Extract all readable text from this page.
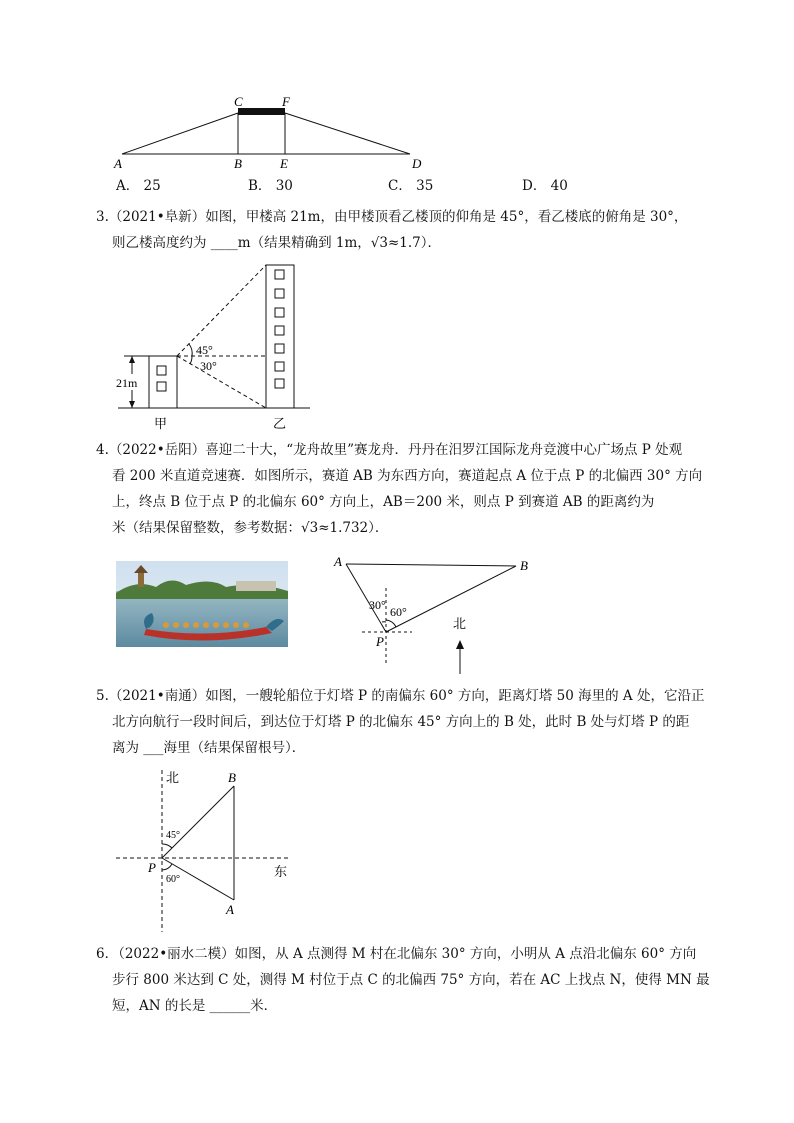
A	B	E	D
C	F
A． 25	B． 30	C． 35	D． 40
3.（2021•阜新）如图，甲楼高 21m，由甲楼顶看乙楼顶的仰角是 45°，看乙楼底的俯角是 30°，
则乙楼高度约为 ____m（结果精确到 1m，√3≈1.7）．
21m
45°
30°
甲	乙
4.（2022•岳阳）喜迎二十大，“龙舟故里”赛龙舟．丹丹在汨罗江国际龙舟竞渡中心广场点 P 处观
看 200 米直道竞速赛．如图所示，赛道 AB 为东西方向，赛道起点 A 位于点 P 的北偏西 30° 方向
上，终点 B 位于点 P 的北偏东 60° 方向上，AB＝200 米，则点 P 到赛道 AB 的距离约为
米（结果保留整数，参考数据：√3≈1.732）．
A	B
P
30° 60°
北
5.（2021•南通）如图，一艘轮船位于灯塔 P 的南偏东 60° 方向，距离灯塔 50 海里的 A 处，它沿正
北方向航行一段时间后，到达位于灯塔 P 的北偏东 45° 方向上的 B 处，此时 B 处与灯塔 P 的距
离为 ___海里（结果保留根号）．
北
东
B
P
A
45°
60°
6．（2022•丽水二模）如图，从 A 点测得 M 村在北偏东 30° 方向，小明从 A 点沿北偏东 60° 方向
步行 800 米达到 C 处，测得 M 村位于点 C 的北偏西 75° 方向，若在 AC 上找点 N，使得 MN 最
短，AN 的长是 ______米．
